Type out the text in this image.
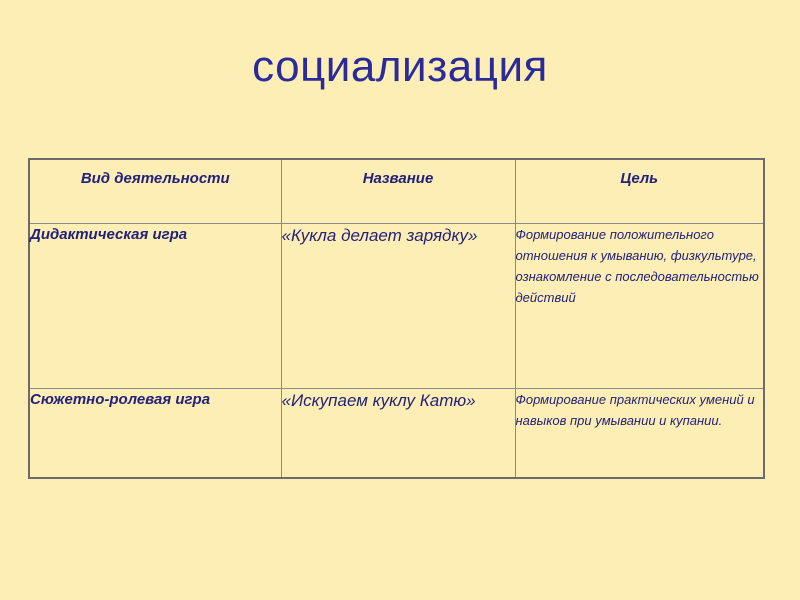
социализация
Вид деятельности	Название	Цель
Дидактическая игра	«Кукла делает зарядку»	Формирование положительного отношения к умыванию, физкультуре, ознакомление с последовательностью действий
Сюжетно-ролевая игра	«Искупаем куклу Катю»	Формирование практических умений и навыков при умывании и купании.
